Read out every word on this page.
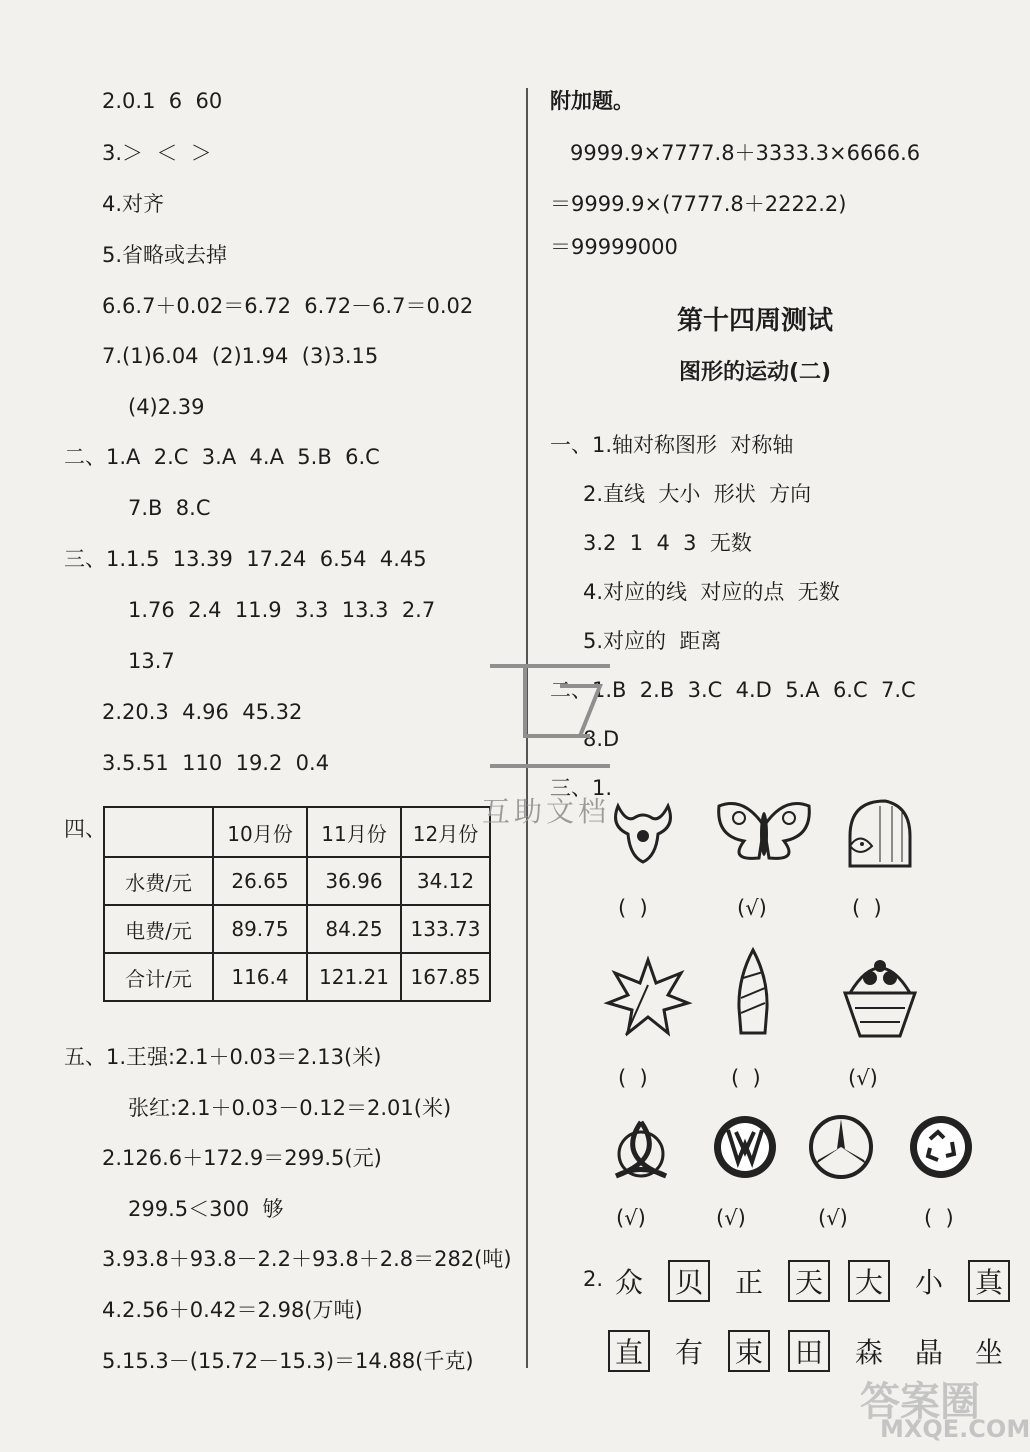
2.0.1  6  60
3.＞  ＜  ＞
4.对齐
5.省略或去掉
6.6.7＋0.02＝6.72  6.72－6.7＝0.02
7.(1)6.04  (2)1.94  (3)3.15
(4)2.39
二、1.A  2.C  3.A  4.A  5.B  6.C
7.B  8.C
三、1.1.5  13.39  17.24  6.54  4.45
1.76  2.4  11.9  3.3  13.3  2.7
13.7
2.20.3  4.96  45.32
3.5.51  110  19.2  0.4
四、
		10月份	11月份	12月份
水费/元	26.65	36.96	34.12
电费/元	89.75	84.25	133.73
合计/元	116.4	121.21	167.85
五、1.王强:2.1＋0.03＝2.13(米)
张红:2.1＋0.03－0.12＝2.01(米)
2.126.6＋172.9＝299.5(元)
299.5＜300  够
3.93.8＋93.8－2.2＋93.8＋2.8＝282(吨)
4.2.56＋0.42＝2.98(万吨)
5.15.3－(15.72－15.3)＝14.88(千克)
附加题。
9999.9×7777.8＋3333.3×6666.6
＝9999.9×(7777.8＋2222.2)
＝99999000
第十四周测试
图形的运动(二)
一、1.轴对称图形  对称轴
2.直线  大小  形状  方向
3.2  1  4  3  无数
4.对应的线  对应的点  无数
5.对应的  距离
二、1.B  2.B  3.C  4.D  5.A  6.C  7.C
8.D
三、1.
(  )	(√)	(  )
(  )	(  )	(√)
(√)	(√)	(√)	(  )
2. 众 贝 正 天 大 小 真
直 有 束 田 森 晶 坐
互助文档
答案圈
MXQE.COM
